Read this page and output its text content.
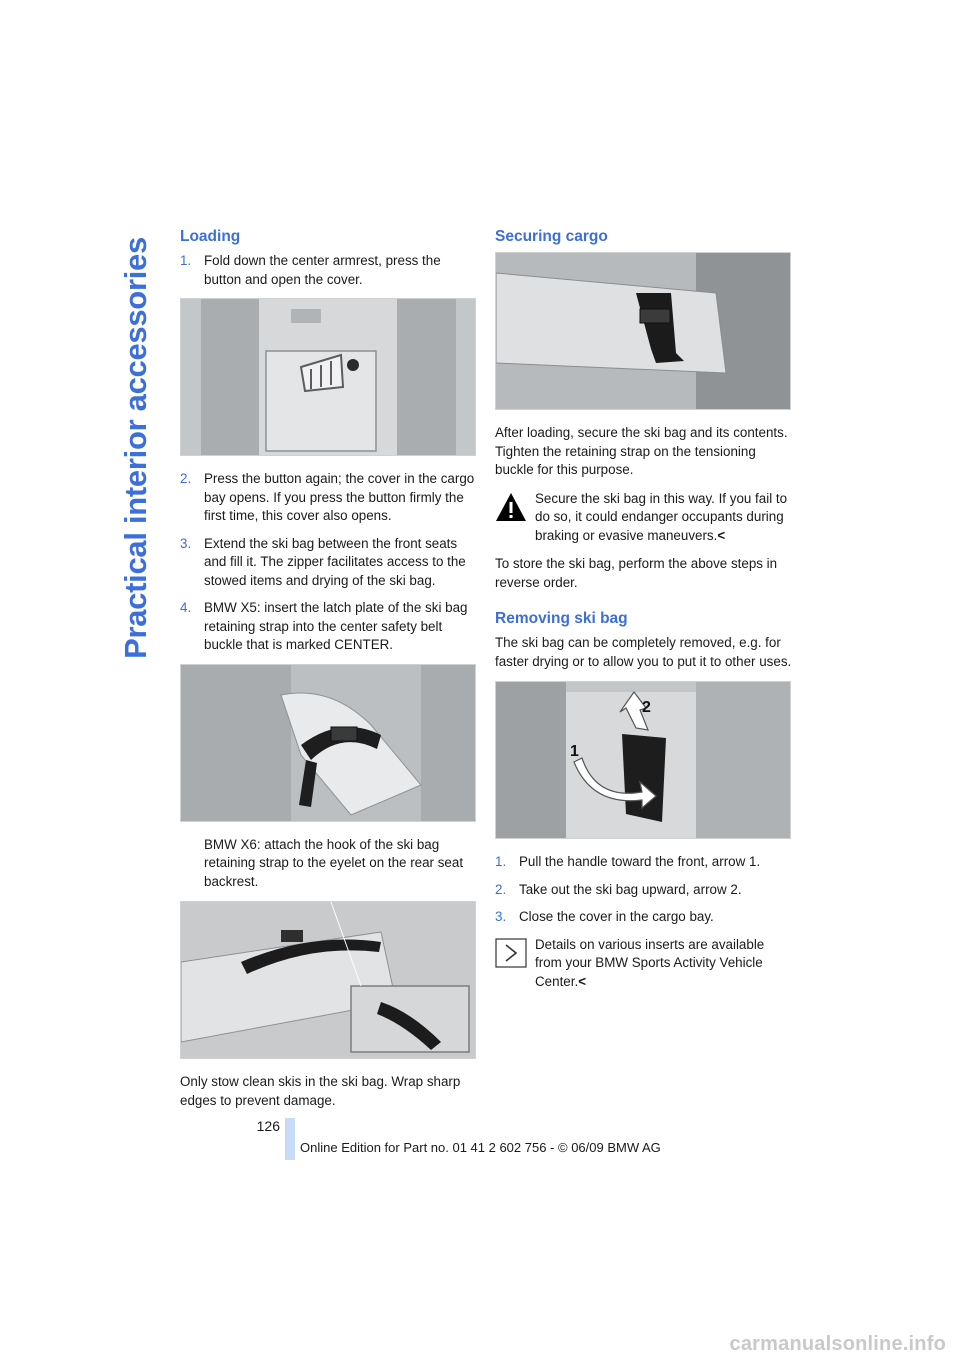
Practical interior accessories
Loading
1. Fold down the center armrest, press the button and open the cover.
2. Press the button again; the cover in the cargo bay opens. If you press the button firmly the first time, this cover also opens.
3. Extend the ski bag between the front seats and fill it. The zipper facilitates access to the stowed items and drying of the ski bag.
4. BMW X5: insert the latch plate of the ski bag retaining strap into the center safety belt buckle that is marked CENTER.

BMW X6: attach the hook of the ski bag retaining strap to the eyelet on the rear seat backrest.

Only stow clean skis in the ski bag. Wrap sharp edges to prevent damage.

Securing cargo

After loading, secure the ski bag and its contents. Tighten the retaining strap on the tensioning buckle for this purpose.

Secure the ski bag in this way. If you fail to do so, it could endanger occupants during braking or evasive maneuvers.<

To store the ski bag, perform the above steps in reverse order.

Removing ski bag

The ski bag can be completely removed, e.g. for faster drying or to allow you to put it to other uses.

2
1
1. Pull the handle toward the front, arrow 1.
2. Take out the ski bag upward, arrow 2.
3. Close the cover in the cargo bay.
Details on various inserts are available from your BMW Sports Activity Vehicle Center.<
126
Online Edition for Part no. 01 41 2 602 756 - © 06/09 BMW AG
carmanualsonline.info
